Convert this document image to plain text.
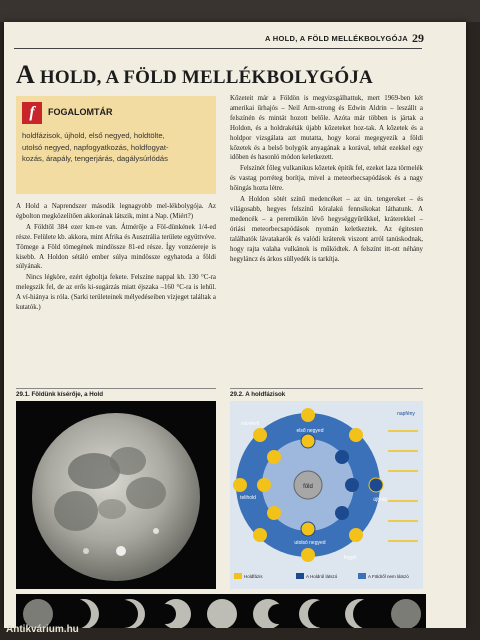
A HOLD, A FÖLD MELLÉKBOLYGÓJA 29
A HOLD, A FÖLD MELLÉKBOLYGÓJA
f	FOGALOMTÁR
holdfázisok, újhold, első negyed, holdtölte,
utolsó negyed, napfogyatkozás, holdfogyat-
kozás, árapály, tengerjárás, dagálysúrlódás

A Hold a Naprendszer második legnagyobb mel-lékbolygója. Az égbolton megközelítően akkorának látszik, mint a Nap. (Miért?)

A Földtől 384 ezer km-re van. Átmérője a Föl-dünkének 1/4-ed része. Felülete kb. akkora, mint Afrika és Ausztrália területe együttvéve. Tömege a Föld tömegének mindössze 81-ed része. Így vonzóereje is kisebb. A Holdon sétáló ember súlya mindössze egyhatoda a földi súlyának.

Nincs légköre, ezért égboltja fekete. Felszíne nappal kb. 130 °C-ra melegszik fel, de az erős ki-sugárzás miatt éjszaka –160 °C-ra is lehűl. A ví-hiánya is róla. (Sarki területeinek mélyedéseiben vízjeget találtak a kutatók.)

Kőzeteit már a Földön is megvizsgálhattuk, mert 1969-ben két amerikai űrhajós – Neil Arm-strong és Edwin Aldrin – leszállt a felszínén és mintát hozott belőle. Azóta már többen is jártak a Holdon, és a holdrakéták újabb kőzeteket hoz-tak. A kőzetek és a holdpor vizsgálata azt mutatta, hogy korai megegyezik a földi kőzetek és a belső bolygók anyagának a korával, tehát ezekkel egy időben és hasonló módon keletkezett.

Felszínét főleg vulkanikus kőzetek építik fel, ezeket laza törmelék és vastag porréteg borítja, mivel a meteorbecsapódások és a nagy hőingás hozta létre.

A Holdon sötét színű medencéket – az ún. tengereket – és világosabb, hegyes felszínű köralakú fennsíkokat láthatunk. A medencék – a peremükön lévő hegységgyűrűkkel, kráterekkel – óriási meteorbecsapódások nyomán keletkeztek. Az égitesten találhatók lávatakarók és valódi kráterek viszont arról tanúskodnak, hogy rajta valaha vulkánok is működtek. A felszínt itt-ott néhány hegyláncz és árkos süllyedék is tarkítja.

29.1. Földünk kísérője, a Hold	29.2. A holdfázisok
föld
első negyed
utolsó negyed
telihold	újhold
növekvő
fogyó
napfény
Holdfázis	A Holdról látszó	A Földről nem látszó
Antikvárium.hu
